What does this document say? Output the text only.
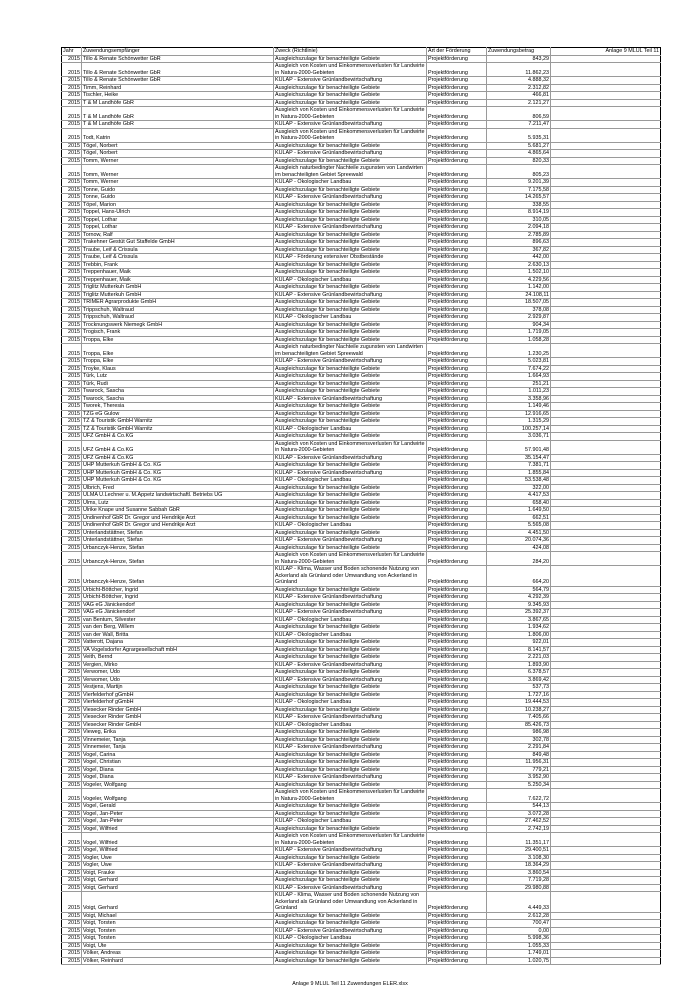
Jahr	Zuwendungsempfänger	Zweck (Richtlinie)	Art der Förderung	Zuwendungsbetrag	Anlage 9 MLUL Teil 11
2015	Tillo & Renate Schönwetter GbR	Ausgleichszulage für benachteiligte Gebiete	Projektförderung	843,29	
2015	Tillo & Renate Schönwetter GbR	Ausgleich von Kosten und Einkommensverlusten für Landwirte in Natura-2000-Gebieten	Projektförderung	11.862,23	
2015	Tillo & Renate Schönwetter GbR	KULAP - Extensive Grünlandbewirtschaftung	Projektförderung	4.888,32	
2015	Timm, Reinhard	Ausgleichszulage für benachteiligte Gebiete	Projektförderung	2.312,82	
2015	Tischler, Heike	Ausgleichszulage für benachteiligte Gebiete	Projektförderung	466,81	
2015	T & M Landhöfe GbR	Ausgleichszulage für benachteiligte Gebiete	Projektförderung	2.121,27	
2015	T & M Landhöfe GbR	Ausgleich von Kosten und Einkommensverlusten für Landwirte in Natura-2000-Gebieten	Projektförderung	806,59	
2015	T & M Landhöfe GbR	KULAP - Extensive Grünlandbewirtschaftung	Projektförderung	7.211,47	
2015	Todt, Katrin	Ausgleich von Kosten und Einkommensverlusten für Landwirte in Natura-2000-Gebieten	Projektförderung	5.935,31	
2015	Tögel, Norbert	Ausgleichszulage für benachteiligte Gebiete	Projektförderung	5.681,27	
2015	Tögel, Norbert	KULAP - Extensive Grünlandbewirtschaftung	Projektförderung	4.865,64	
2015	Tomm, Werner	Ausgleichszulage für benachteiligte Gebiete	Projektförderung	820,33	
2015	Tomm, Werner	Ausgleich naturbedingter Nachteile zugunsten von Landwirten im benachteiligten Gebiet Spreewald	Projektförderung	805,23	
2015	Tomm, Werner	KULAP - Ökologischer Landbau	Projektförderung	9.201,39	
2015	Tonne, Guido	Ausgleichszulage für benachteiligte Gebiete	Projektförderung	7.175,58	
2015	Tonne, Guido	KULAP - Extensive Grünlandbewirtschaftung	Projektförderung	14.265,57	
2015	Töpel, Marion	Ausgleichszulage für benachteiligte Gebiete	Projektförderung	338,55	
2015	Toppel, Hans-Ulrich	Ausgleichszulage für benachteiligte Gebiete	Projektförderung	8.914,19	
2015	Toppel, Lothar	Ausgleichszulage für benachteiligte Gebiete	Projektförderung	310,05	
2015	Toppel, Lothar	KULAP - Extensive Grünlandbewirtschaftung	Projektförderung	2.094,18	
2015	Tornow, Ralf	Ausgleichszulage für benachteiligte Gebiete	Projektförderung	2.785,89	
2015	Trakehner Gestüt Gut Staffelde GmbH	Ausgleichszulage für benachteiligte Gebiete	Projektförderung	896,63	
2015	Traube, Leif & Crissula	Ausgleichszulage für benachteiligte Gebiete	Projektförderung	367,82	
2015	Traube, Leif & Crissula	KULAP - Förderung extensiver Obstbestände	Projektförderung	442,00	
2015	Trebbin, Frank	Ausgleichszulage für benachteiligte Gebiete	Projektförderung	2.630,13	
2015	Treppenhauer, Maik	Ausgleichszulage für benachteiligte Gebiete	Projektförderung	1.502,10	
2015	Treppenhauer, Maik	KULAP - Ökologischer Landbau	Projektförderung	4.229,56	
2015	Triglitz Mutterkuh GmbH	Ausgleichszulage für benachteiligte Gebiete	Projektförderung	1.142,00	
2015	Triglitz Mutterkuh GmbH	KULAP - Extensive Grünlandbewirtschaftung	Projektförderung	24.108,11	
2015	TRIMER Agrarprodukte GmbH	Ausgleichszulage für benachteiligte Gebiete	Projektförderung	18.507,05	
2015	Trippschuh, Waltraud	Ausgleichszulage für benachteiligte Gebiete	Projektförderung	378,08	
2015	Trippschuh, Waltraud	KULAP - Ökologischer Landbau	Projektförderung	2.929,87	
2015	Trocknungswerk Niemegk GmbH	Ausgleichszulage für benachteiligte Gebiete	Projektförderung	904,34	
2015	Trogisch, Frank	Ausgleichszulage für benachteiligte Gebiete	Projektförderung	1.719,05	
2015	Troppa, Elke	Ausgleichszulage für benachteiligte Gebiete	Projektförderung	1.058,28	
2015	Troppa, Elke	Ausgleich naturbedingter Nachteile zugunsten von Landwirten im benachteiligten Gebiet Spreewald	Projektförderung	1.230,25	
2015	Troppa, Elke	KULAP - Extensive Grünlandbewirtschaftung	Projektförderung	5.023,81	
2015	Troyke, Klaus	Ausgleichszulage für benachteiligte Gebiete	Projektförderung	7.674,22	
2015	Türk, Lutz	Ausgleichszulage für benachteiligte Gebiete	Projektförderung	1.664,93	
2015	Türk, Rudi	Ausgleichszulage für benachteiligte Gebiete	Projektförderung	251,21	
2015	Twarock, Sascha	Ausgleichszulage für benachteiligte Gebiete	Projektförderung	1.011,23	
2015	Twarock, Sascha	KULAP - Extensive Grünlandbewirtschaftung	Projektförderung	3.358,96	
2015	Tworek, Theresia	Ausgleichszulage für benachteiligte Gebiete	Projektförderung	1.149,46	
2015	TZG eG Gulow	Ausgleichszulage für benachteiligte Gebiete	Projektförderung	12.916,65	
2015	TZ & Touristik GmbH Warnitz	Ausgleichszulage für benachteiligte Gebiete	Projektförderung	1.315,29	
2015	TZ & Touristik GmbH Warnitz	KULAP - Ökologischer Landbau	Projektförderung	100.257,14	
2015	UFZ GmbH & Co.KG	Ausgleichszulage für benachteiligte Gebiete	Projektförderung	3.036,71	
2015	UFZ GmbH & Co.KG	Ausgleich von Kosten und Einkommensverlusten für Landwirte in Natura-2000-Gebieten	Projektförderung	57.901,48	
2015	UFZ GmbH & Co.KG	KULAP - Extensive Grünlandbewirtschaftung	Projektförderung	35.154,47	
2015	UHP Mutterkuh GmbH & Co. KG	Ausgleichszulage für benachteiligte Gebiete	Projektförderung	7.381,71	
2015	UHP Mutterkuh GmbH & Co. KG	KULAP - Extensive Grünlandbewirtschaftung	Projektförderung	1.855,84	
2015	UHP Mutterkuh GmbH & Co. KG	KULAP - Ökologischer Landbau	Projektförderung	53.538,48	
2015	Ulbrich, Fred	Ausgleichszulage für benachteiligte Gebiete	Projektförderung	322,00	
2015	ULMA U.Lechner u. M.Appetz landwirtschaftl. Betriebs UG	Ausgleichszulage für benachteiligte Gebiete	Projektförderung	4.417,53	
2015	Ulms, Lutz	Ausgleichszulage für benachteiligte Gebiete	Projektförderung	658,40	
2015	Ulrike Knape und Susanne Sabbah GbR	Ausgleichszulage für benachteiligte Gebiete	Projektförderung	1.649,50	
2015	Undinenhof GbR Dr. Gregor und Hendrikje Arzt	Ausgleichszulage für benachteiligte Gebiete	Projektförderung	662,51	
2015	Undinenhof GbR Dr. Gregor und Hendrikje Arzt	KULAP - Ökologischer Landbau	Projektförderung	5.565,08	
2015	Unterlandstättner, Stefan	Ausgleichszulage für benachteiligte Gebiete	Projektförderung	4.451,50	
2015	Unterlandstättner, Stefan	KULAP - Extensive Grünlandbewirtschaftung	Projektförderung	20.074,36	
2015	Urbanczyk-Henze, Stefan	Ausgleichszulage für benachteiligte Gebiete	Projektförderung	424,08	
2015	Urbanczyk-Henze, Stefan	Ausgleich von Kosten und Einkommensverlusten für Landwirte in Natura-2000-Gebieten	Projektförderung	284,20	
2015	Urbanczyk-Henze, Stefan	KULAP - Klima, Wasser und Boden schonende Nutzung von Ackerland als Grünland oder Umwandlung von Ackerland in Grünland	Projektförderung	664,20	
2015	Urbicht-Böttcher, Ingrid	Ausgleichszulage für benachteiligte Gebiete	Projektförderung	564,79	
2015	Urbicht-Böttcher, Ingrid	KULAP - Extensive Grünlandbewirtschaftung	Projektförderung	4.292,39	
2015	VAG eG Jänickendorf	Ausgleichszulage für benachteiligte Gebiete	Projektförderung	9.345,93	
2015	VAG eG Jänickendorf	KULAP - Extensive Grünlandbewirtschaftung	Projektförderung	25.392,37	
2015	van Bentum, Silvester	KULAP - Ökologischer Landbau	Projektförderung	3.867,65	
2015	van den Berg, Willem	Ausgleichszulage für benachteiligte Gebiete	Projektförderung	1.934,62	
2015	van der Wall, Britta	KULAP - Ökologischer Landbau	Projektförderung	1.806,00	
2015	Vatterott, Dajana	Ausgleichszulage für benachteiligte Gebiete	Projektförderung	922,01	
2015	VA Vogelsdorfer Agrargesellschaft mbH	Ausgleichszulage für benachteiligte Gebiete	Projektförderung	8.141,57	
2015	Veith, Bernd	Ausgleichszulage für benachteiligte Gebiete	Projektförderung	2.221,03	
2015	Vergien, Mirko	KULAP - Extensive Grünlandbewirtschaftung	Projektförderung	1.893,90	
2015	Verwomer, Udo	Ausgleichszulage für benachteiligte Gebiete	Projektförderung	6.378,57	
2015	Verwomer, Udo	KULAP - Extensive Grünlandbewirtschaftung	Projektförderung	3.869,42	
2015	Vestjens, Martijn	Ausgleichszulage für benachteiligte Gebiete	Projektförderung	537,73	
2015	Vierfelderhof gGmbH	Ausgleichszulage für benachteiligte Gebiete	Projektförderung	1.727,16	
2015	Vierfelderhof gGmbH	KULAP - Ökologischer Landbau	Projektförderung	19.444,53	
2015	Viesecker Rinder GmbH	Ausgleichszulage für benachteiligte Gebiete	Projektförderung	10.238,27	
2015	Viesecker Rinder GmbH	KULAP - Extensive Grünlandbewirtschaftung	Projektförderung	7.405,66	
2015	Viesecker Rinder GmbH	KULAP - Ökologischer Landbau	Projektförderung	85.426,73	
2015	Vieweg, Erika	Ausgleichszulage für benachteiligte Gebiete	Projektförderung	986,98	
2015	Vinnemeier, Tanja	Ausgleichszulage für benachteiligte Gebiete	Projektförderung	302,78	
2015	Vinnemeier, Tanja	KULAP - Extensive Grünlandbewirtschaftung	Projektförderung	2.291,84	
2015	Vogel, Carina	Ausgleichszulage für benachteiligte Gebiete	Projektförderung	849,48	
2015	Vogel, Christian	Ausgleichszulage für benachteiligte Gebiete	Projektförderung	11.956,31	
2015	Vogel, Diana	Ausgleichszulage für benachteiligte Gebiete	Projektförderung	779,21	
2015	Vogel, Diana	KULAP - Extensive Grünlandbewirtschaftung	Projektförderung	3.952,90	
2015	Vogeler, Wolfgang	Ausgleichszulage für benachteiligte Gebiete	Projektförderung	5.250,34	
2015	Vogeler, Wolfgang	Ausgleich von Kosten und Einkommensverlusten für Landwirte in Natura-2000-Gebieten	Projektförderung	7.622,72	
2015	Vogel, Gerald	Ausgleichszulage für benachteiligte Gebiete	Projektförderung	544,13	
2015	Vogel, Jan-Peter	Ausgleichszulage für benachteiligte Gebiete	Projektförderung	3.072,28	
2015	Vogel, Jan-Peter	KULAP - Ökologischer Landbau	Projektförderung	27.462,52	
2015	Vogel, Wilfried	Ausgleichszulage für benachteiligte Gebiete	Projektförderung	2.742,19	
2015	Vogel, Wilfried	Ausgleich von Kosten und Einkommensverlusten für Landwirte in Natura-2000-Gebieten	Projektförderung	11.351,17	
2015	Vogel, Wilfried	KULAP - Extensive Grünlandbewirtschaftung	Projektförderung	29.400,51	
2015	Vogler, Uwe	Ausgleichszulage für benachteiligte Gebiete	Projektförderung	3.108,30	
2015	Vogler, Uwe	KULAP - Extensive Grünlandbewirtschaftung	Projektförderung	18.364,29	
2015	Voigt, Frauke	Ausgleichszulage für benachteiligte Gebiete	Projektförderung	3.860,54	
2015	Voigt, Gerhard	Ausgleichszulage für benachteiligte Gebiete	Projektförderung	7.719,28	
2015	Voigt, Gerhard	KULAP - Extensive Grünlandbewirtschaftung	Projektförderung	29.980,88	
2015	Voigt, Gerhard	KULAP - Klima, Wasser und Boden schonende Nutzung von Ackerland als Grünland oder Umwandlung von Ackerland in Grünland	Projektförderung	4.449,33	
2015	Voigt, Michael	Ausgleichszulage für benachteiligte Gebiete	Projektförderung	2.612,28	
2015	Voigt, Torsten	Ausgleichszulage für benachteiligte Gebiete	Projektförderung	700,47	
2015	Voigt, Torsten	KULAP - Extensive Grünlandbewirtschaftung	Projektförderung	0,00	
2015	Voigt, Torsten	KULAP - Ökologischer Landbau	Projektförderung	5.998,36	
2015	Voigt, Ute	Ausgleichszulage für benachteiligte Gebiete	Projektförderung	1.055,33	
2015	Völker, Andreas	Ausgleichszulage für benachteiligte Gebiete	Projektförderung	1.749,01	
2015	Völker, Reinhard	Ausgleichszulage für benachteiligte Gebiete	Projektförderung	1.020,75	
Anlage 9 MLUL Teil 11 Zuwendungen ELER.xlsx
